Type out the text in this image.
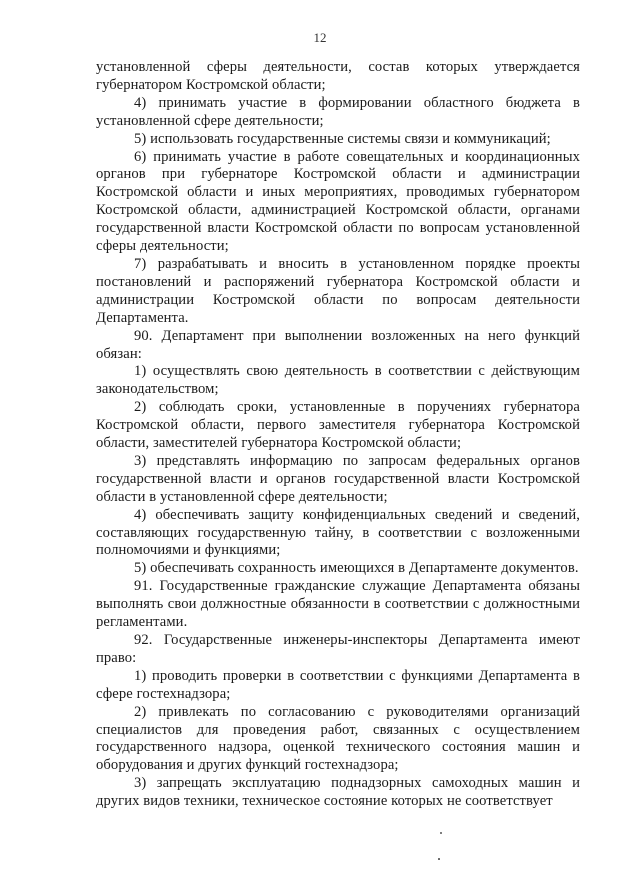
12

установленной сферы деятельности, состав которых утверждается губернатором Костромской области;

4) принимать участие в формировании областного бюджета в установленной сфере деятельности;

5) использовать государственные системы связи и коммуникаций;

6) принимать участие в работе совещательных и координационных органов при губернаторе Костромской области и администрации Костромской области и иных мероприятиях, проводимых губернатором Костромской области, администрацией Костромской области, органами государственной власти Костромской области по вопросам установленной сферы деятельности;

7) разрабатывать и вносить в установленном порядке проекты постановлений и распоряжений губернатора Костромской области и администрации Костромской области по вопросам деятельности Департамента.

90. Департамент при выполнении возложенных на него функций обязан:

1) осуществлять свою деятельность в соответствии с действующим законодательством;

2) соблюдать сроки, установленные в поручениях губернатора Костромской области, первого заместителя губернатора Костромской области, заместителей губернатора Костромской области;

3) представлять информацию по запросам федеральных органов государственной власти и органов государственной власти Костромской области в установленной сфере деятельности;

4) обеспечивать защиту конфиденциальных сведений и сведений, составляющих государственную тайну, в соответствии с возложенными полномочиями и функциями;

5) обеспечивать сохранность имеющихся в Департаменте документов.

91. Государственные гражданские служащие Департамента обязаны выполнять свои должностные обязанности в соответствии с должностными регламентами.

92. Государственные инженеры-инспекторы Департамента имеют право:

1) проводить проверки в соответствии с функциями Департамента в сфере гостехнадзора;

2) привлекать по согласованию с руководителями организаций специалистов для проведения работ, связанных с осуществлением государственного надзора, оценкой технического состояния машин и оборудования и других функций гостехнадзора;

3) запрещать эксплуатацию поднадзорных самоходных машин и других видов техники, техническое состояние которых не соответствует
